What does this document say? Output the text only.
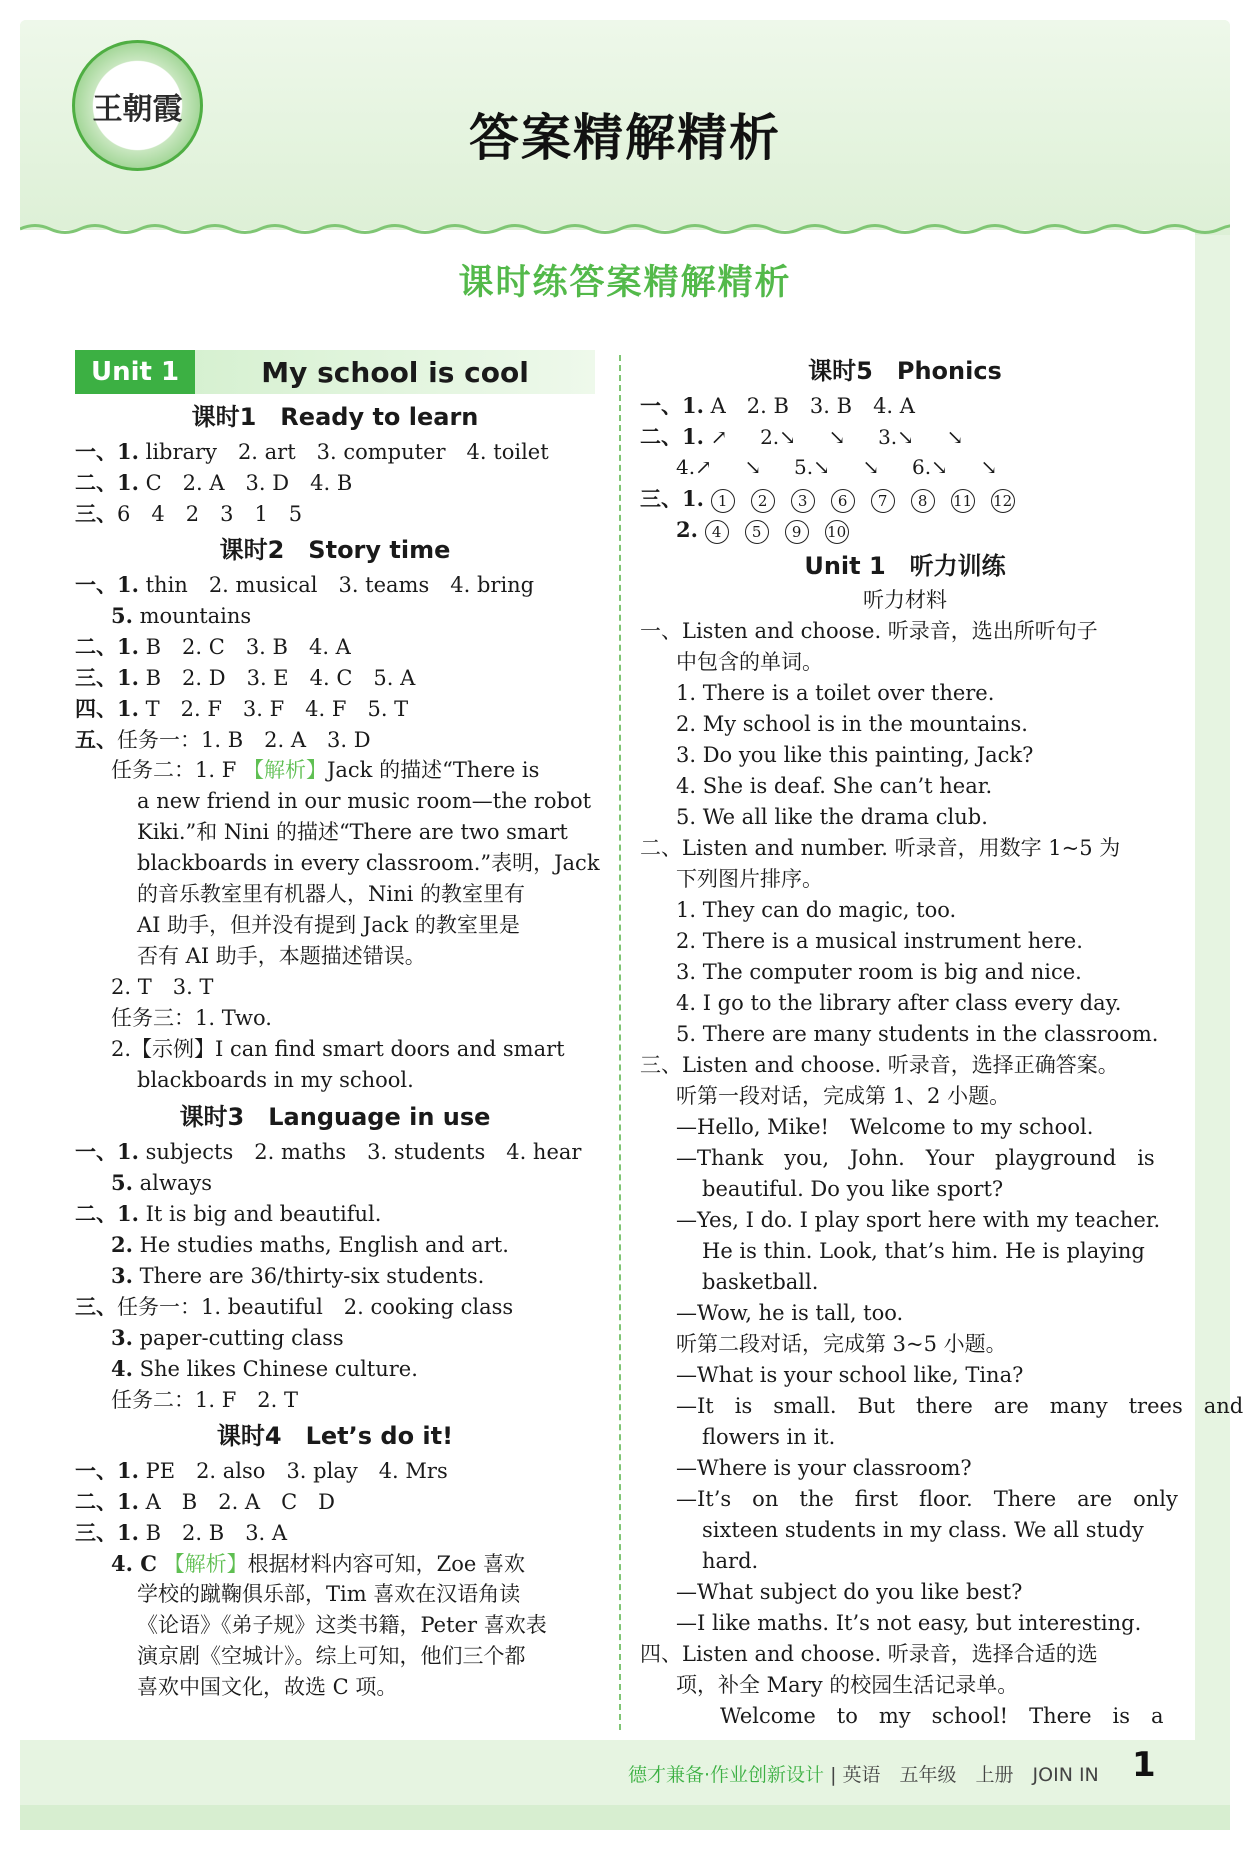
王朝霞	答案精解精析
课时练答案精解精析
Unit 1	My school is cool
课时1　Ready to learn
一、1. library　2. art　3. computer　4. toilet
二、1. C　2. A　3. D　4. B
三、6　4　2　3　1　5
课时2　Story time
一、1. thin　2. musical　3. teams　4. bring
5. mountains
二、1. B　2. C　3. B　4. A
三、1. B　2. D　3. E　4. C　5. A
四、1. T　2. F　3. F　4. F　5. T
五、任务一：1. B　2. A　3. D
任务二：1. F 【解析】Jack 的描述“There is
a new friend in our music room—the robot
Kiki.”和 Nini 的描述“There are two smart
blackboards in every classroom.”表明，Jack
的音乐教室里有机器人，Nini 的教室里有
AI 助手，但并没有提到 Jack 的教室里是
否有 AI 助手，本题描述错误。
2. T　3. T
任务三：1. Two.
2.【示例】I can find smart doors and smart
blackboards in my school.
课时3　Language in use
一、1. subjects　2. maths　3. students　4. hear
5. always
二、1. It is big and beautiful.
2. He studies maths, English and art.
3. There are 36/thirty-six students.
三、任务一：1. beautiful　2. cooking class
3. paper-cutting class
4. She likes Chinese culture.
任务二：1. F　2. T
课时4　Let’s do it!
一、1. PE　2. also　3. play　4. Mrs
二、1. A　B　2. A　C　D
三、1. B　2. B　3. A
4. C 【解析】根据材料内容可知，Zoe 喜欢
学校的蹴鞠俱乐部，Tim 喜欢在汉语角读
《论语》《弟子规》这类书籍，Peter 喜欢表
演京剧《空城计》。综上可知，他们三个都
喜欢中国文化，故选 C 项。
课时5　Phonics
一、1. A　2. B　3. B　4. A
二、1. ↗ 2.↘ ↘ 3.↘ ↘
4.↗ ↘ 5.↘ ↘ 6.↘ ↘
三、1. 1 2 3 6 7 8 11 12
2. 4 5 9 10
Unit 1　听力训练
听力材料
一、Listen and choose. 听录音，选出所听句子
中包含的单词。
1. There is a toilet over there.
2. My school is in the mountains.
3. Do you like this painting, Jack?
4. She is deaf. She can’t hear.
5. We all like the drama club.
二、Listen and number. 听录音，用数字 1~5 为
下列图片排序。
1. They can do magic, too.
2. There is a musical instrument here.
3. The computer room is big and nice.
4. I go to the library after class every day.
5. There are many students in the classroom.
三、Listen and choose. 听录音，选择正确答案。
听第一段对话，完成第 1、2 小题。
—Hello, Mike!　Welcome to my school.
—Thank　you,　John.　Your　playground　is
beautiful. Do you like sport?
—Yes, I do. I play sport here with my teacher.
He is thin. Look, that’s him. He is playing
basketball.
—Wow, he is tall, too.
听第二段对话，完成第 3~5 小题。
—What is your school like, Tina?
—It　is　small.　But　there　are　many　trees　and
flowers in it.
—Where is your classroom?
—It’s　on　the　first　floor.　There　are　only
sixteen students in my class. We all study
hard.
—What subject do you like best?
—I like maths. It’s not easy, but interesting.
四、Listen and choose. 听录音，选择合适的选
项，补全 Mary 的校园生活记录单。
Welcome　to　my　school!　There　is　a
德才兼备·作业创新设计 | 英语　五年级　上册　JOIN IN 1
